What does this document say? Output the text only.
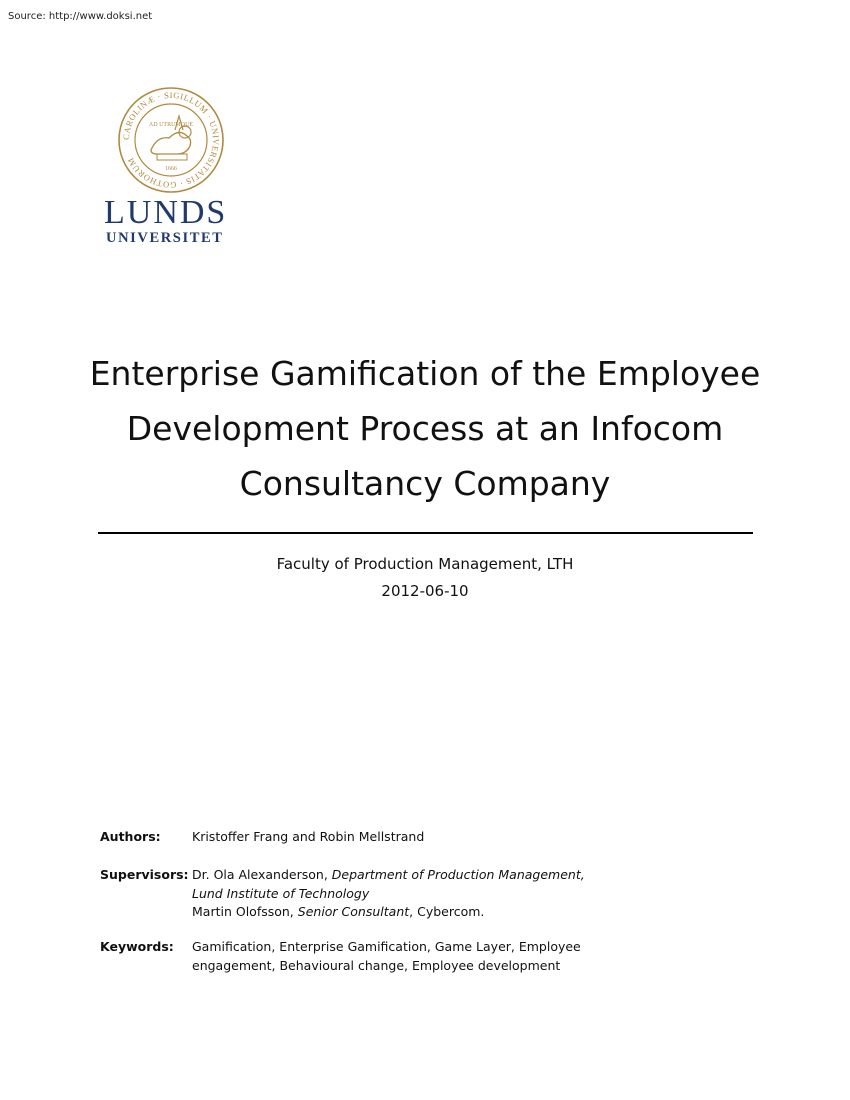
Source: http://www.doksi.net
CAROLINÆ · SIGILLUM · UNIVERSITATIS · GOTHORUM
AD UTRUMQUE
1666
LUNDS
UNIVERSITET
Enterprise Gamification of the Employee
Development Process at an Infocom
Consultancy Company
Faculty of Production Management, LTH
2012-06-10
Authors:	Kristoffer Frang and Robin Mellstrand
Supervisors: Dr. Ola Alexanderson, Department of Production Management,
Lund Institute of Technology
Martin Olofsson, Senior Consultant, Cybercom.
Keywords: Gamification, Enterprise Gamification, Game Layer, Employee
engagement, Behavioural change, Employee development
